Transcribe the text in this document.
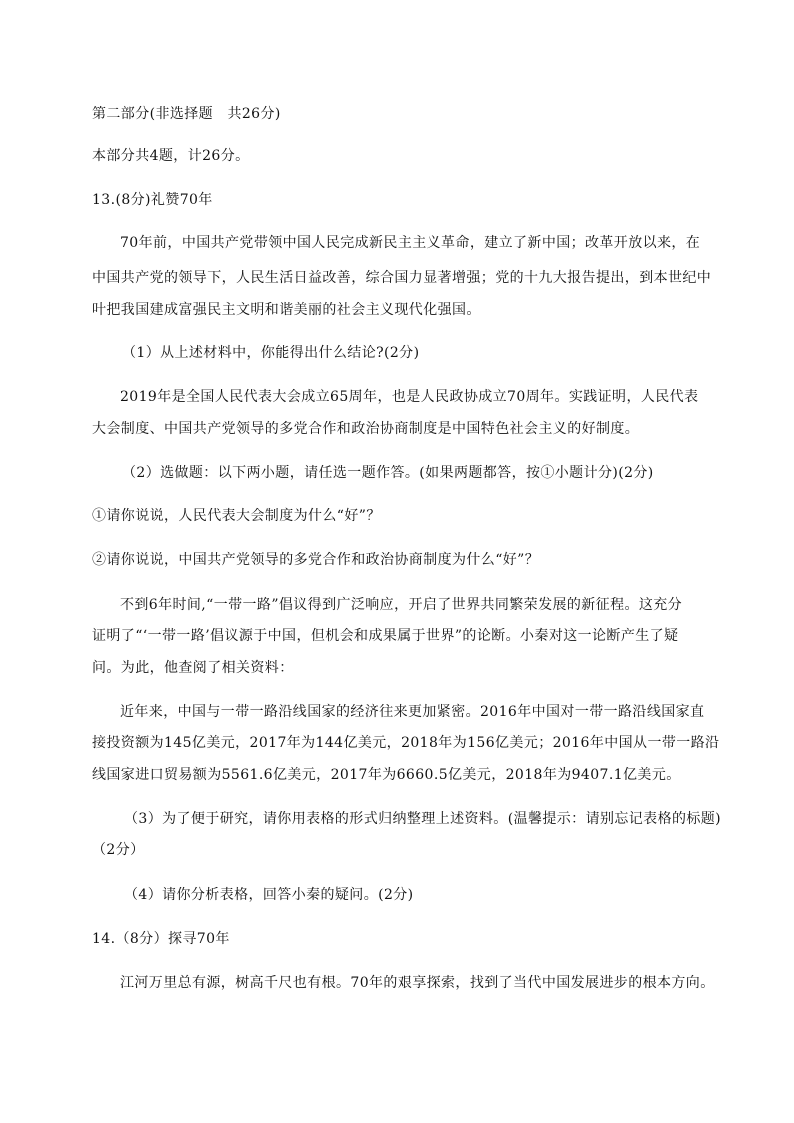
第二部分(非选择题　共26分)
本部分共4题，计26分。
13.(8分)礼赞70年
70年前，中国共产党带领中国人民完成新民主主义革命，建立了新中国；改革开放以来，在
中国共产党的领导下，人民生活日益改善，综合国力显著增强；党的十九大报告提出，到本世纪中
叶把我国建成富强民主文明和谐美丽的社会主义现代化强国。
（1）从上述材料中，你能得出什么结论?(2分)
2019年是全国人民代表大会成立65周年，也是人民政协成立70周年。实践证明，人民代表
大会制度、中国共产党领导的多党合作和政治协商制度是中国特色社会主义的好制度。
（2）选做题：以下两小题，请任选一题作答。(如果两题都答，按①小题计分)(2分)
①请你说说，人民代表大会制度为什么“好”？
②请你说说，中国共产党领导的多党合作和政治协商制度为什么“好”？
不到6年时间,“一带一路”倡议得到广泛响应，开启了世界共同繁荣发展的新征程。这充分
证明了“‘一带一路’倡议源于中国，但机会和成果属于世界”的论断。小秦对这一论断产生了疑
问。为此，他查阅了相关资料：
近年来，中国与一带一路沿线国家的经济往来更加紧密。2016年中国对一带一路沿线国家直
接投资额为145亿美元，2017年为144亿美元，2018年为156亿美元；2016年中国从一带一路沿
线国家进口贸易额为5561.6亿美元，2017年为6660.5亿美元，2018年为9407.1亿美元。
（3）为了便于研究，请你用表格的形式归纳整理上述资料。(温馨提示：请别忘记表格的标题)
（2分）
（4）请你分析表格，回答小秦的疑问。(2分)
14.（8分）探寻70年
江河万里总有源，树高千尺也有根。70年的艰享探索，找到了当代中国发展进步的根本方向。
